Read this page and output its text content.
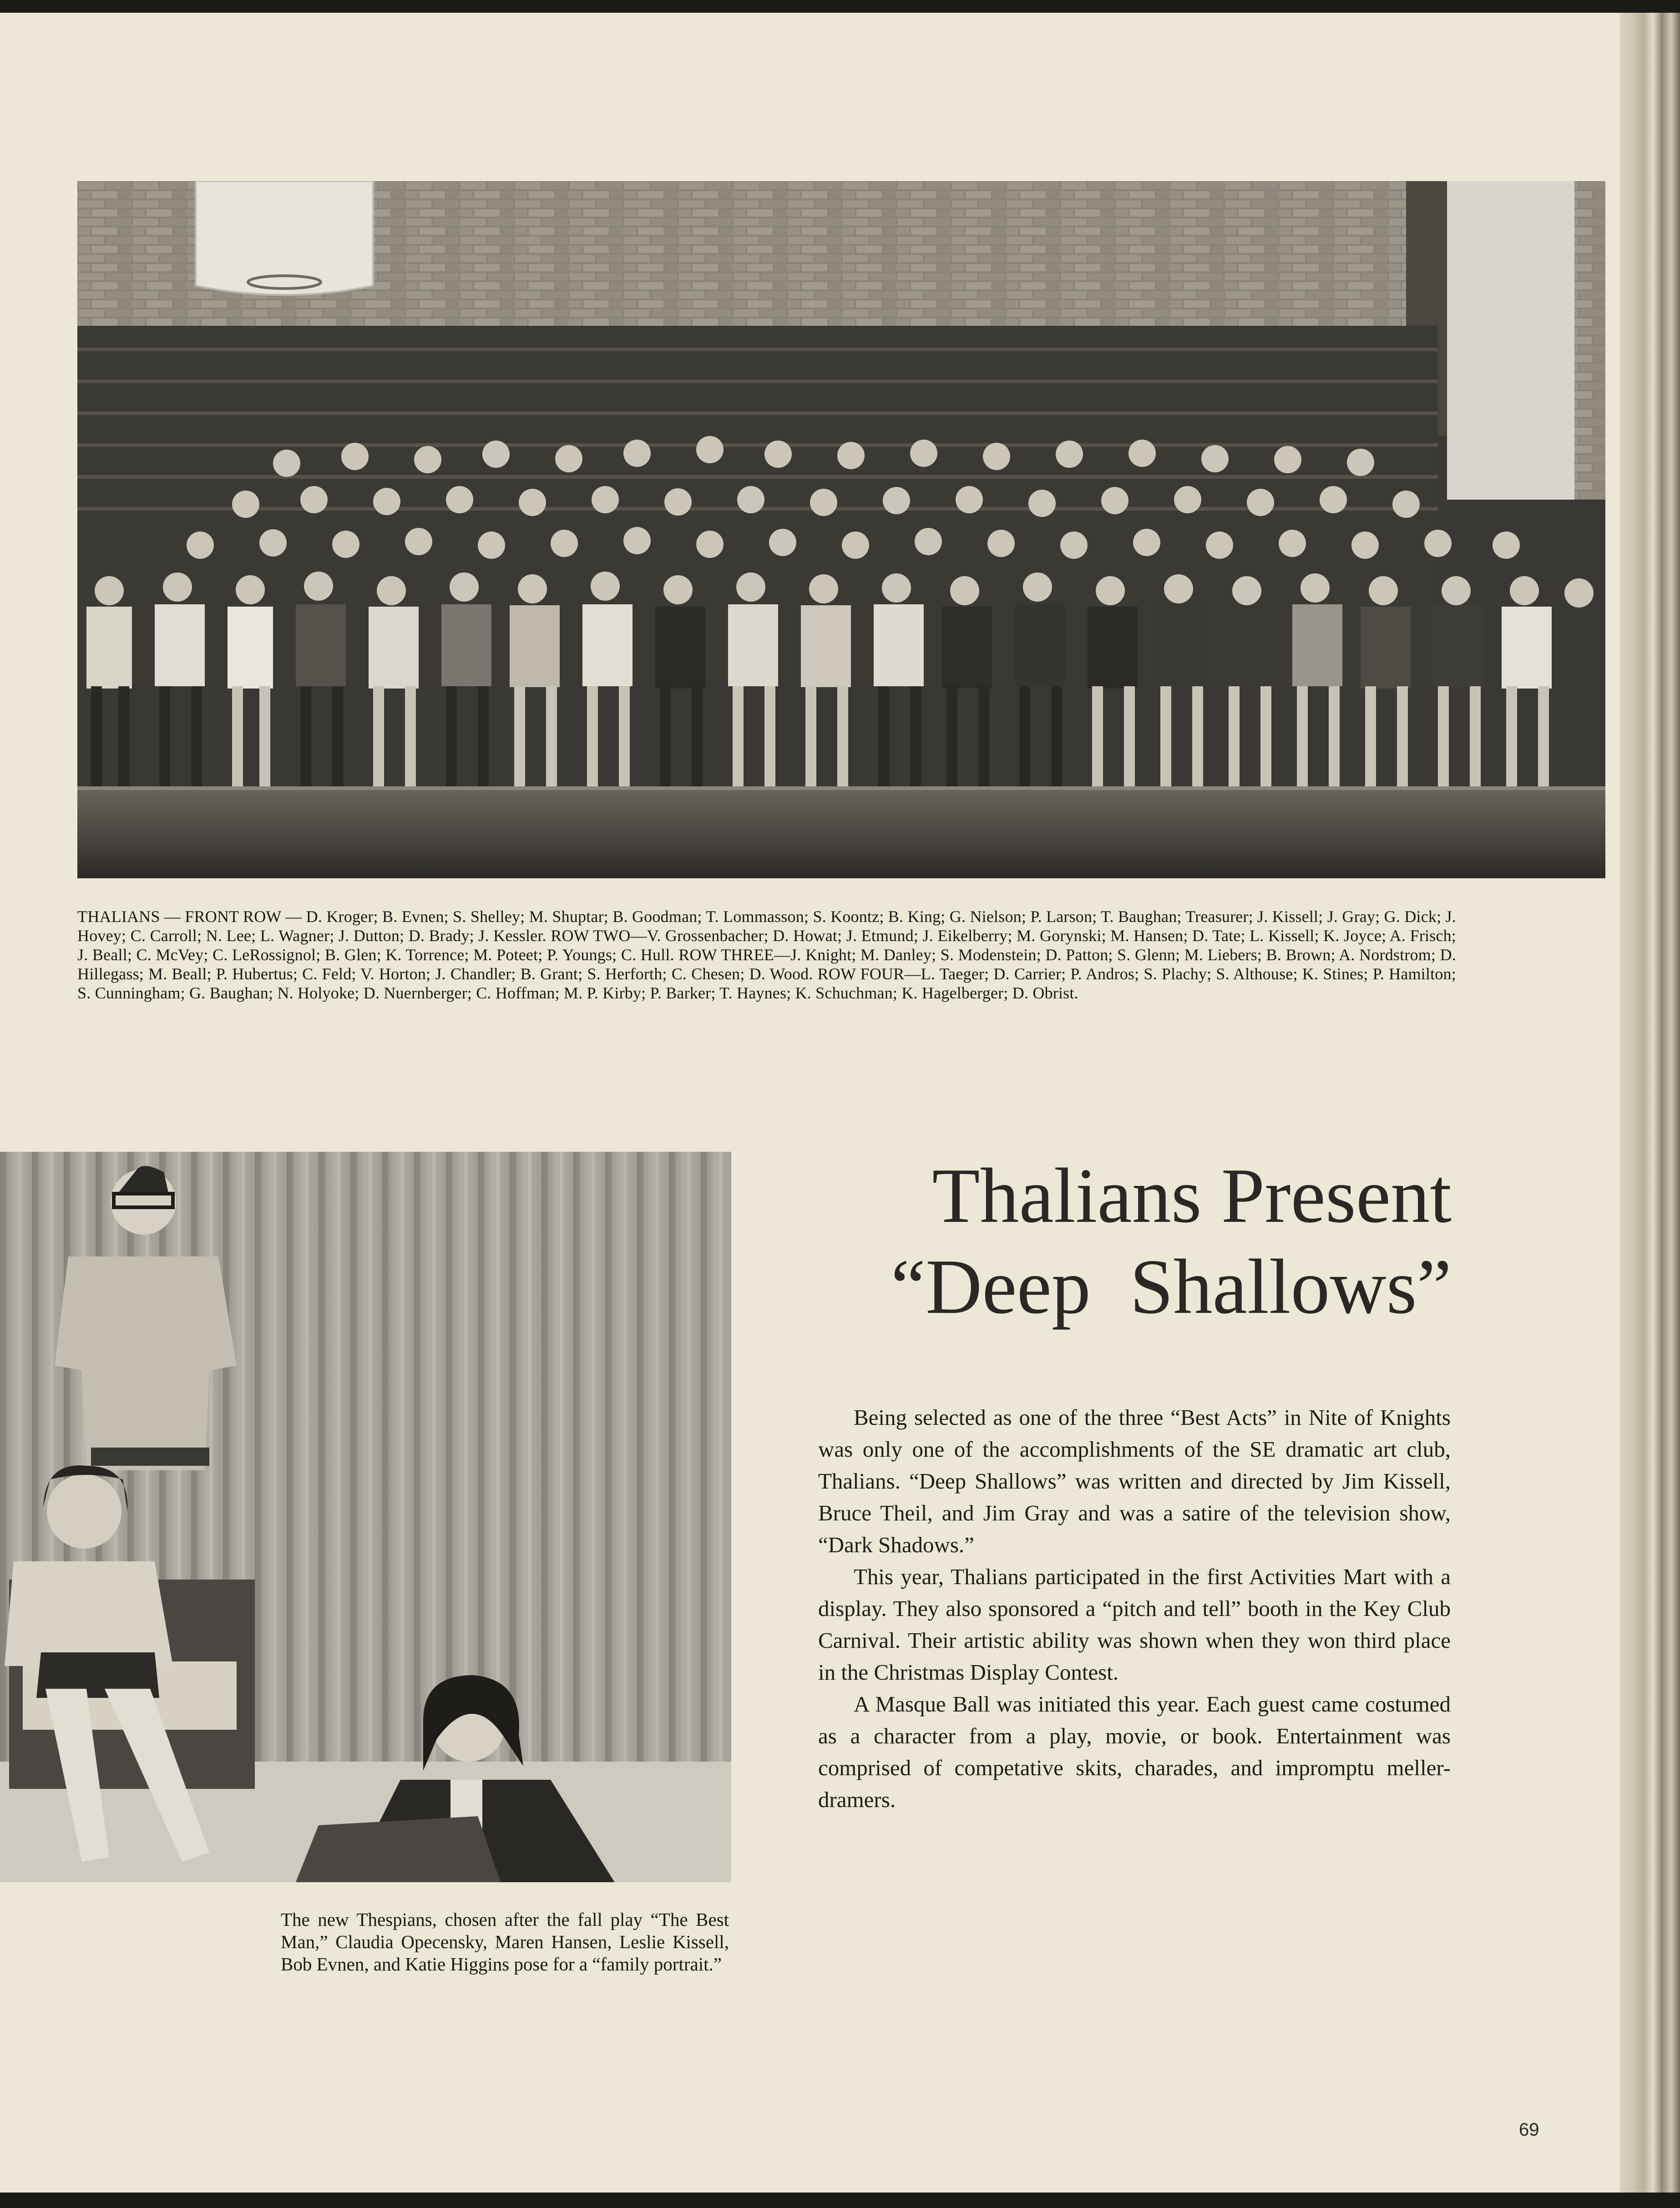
THALIANS — FRONT ROW — D. Kroger; B. Evnen; S. Shelley; M. Shuptar; B. Goodman; T. Lommasson; S. Koontz; B. King; G. Nielson; P. Larson; T. Baughan; Treasurer; J. Kissell; J. Gray; G. Dick; J. Hovey; C. Carroll; N. Lee; L. Wagner; J. Dutton; D. Brady; J. Kessler. ROW TWO—V. Grossenbacher; D. Howat; J. Etmund; J. Eikelberry; M. Gorynski; M. Hansen; D. Tate; L. Kissell; K. Joyce; A. Frisch; J. Beall; C. McVey; C. LeRossignol; B. Glen; K. Torrence; M. Poteet; P. Youngs; C. Hull. ROW THREE—J. Knight; M. Danley; S. Modenstein; D. Patton; S. Glenn; M. Liebers; B. Brown; A. Nordstrom; D. Hillegass; M. Beall; P. Hubertus; C. Feld; V. Horton; J. Chandler; B. Grant; S. Herforth; C. Chesen; D. Wood. ROW FOUR—L. Taeger; D. Carrier; P. Andros; S. Plachy; S. Althouse; K. Stines; P. Hamilton; S. Cunningham; G. Baughan; N. Holyoke; D. Nuernberger; C. Hoffman; M. P. Kirby; P. Barker; T. Haynes; K. Schuchman; K. Hagelberger; D. Obrist.
The new Thespians, chosen after the fall play “The Best Man,” Claudia Opecensky, Maren Hansen, Leslie Kissell, Bob Evnen, and Katie Higgins pose for a “family portrait.”
Thalians Present
“Deep  Shallows”

Being selected as one of the three “Best Acts” in Nite of Knights was only one of the accomplishments of the SE dramatic art club, Thalians. “Deep Shallows” was written and directed by Jim Kissell, Bruce Theil, and Jim Gray and was a satire of the television show, “Dark Shadows.”

This year, Thalians participated in the first Activities Mart with a display. They also sponsored a “pitch and tell” booth in the Key Club Carnival. Their artistic ability was shown when they won third place in the Christmas Display Contest.

A Masque Ball was initiated this year. Each guest came costumed as a character from a play, movie, or book. Entertainment was comprised of competative skits, charades, and impromptu meller-dramers.

69
